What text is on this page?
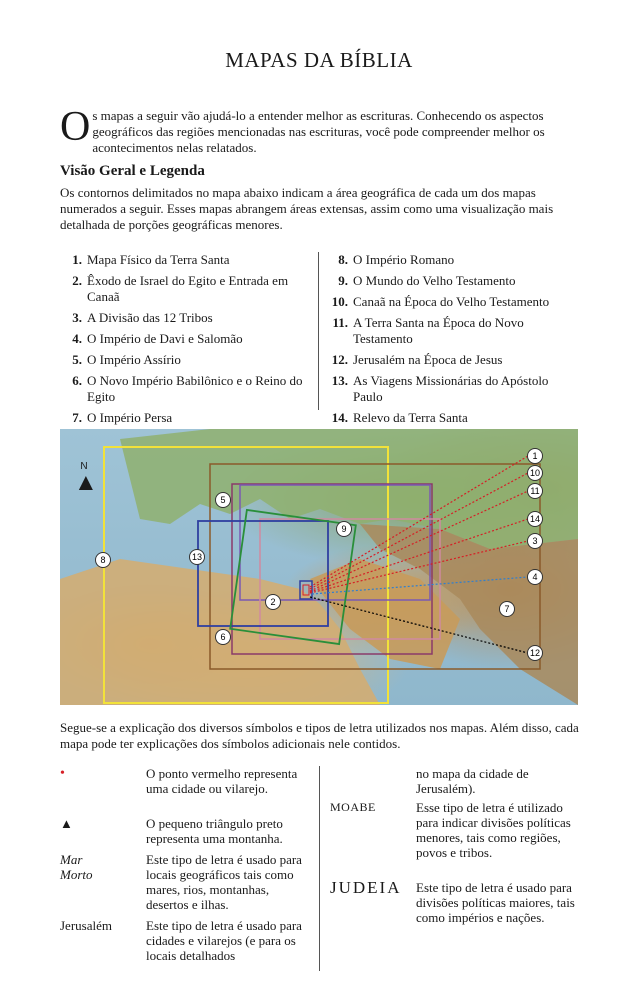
MAPAS DA BÍBLIA
Os mapas a seguir vão ajudá-lo a entender melhor as escrituras. Conhecendo os aspectos geográficos das regiões mencionadas nas escrituras, você pode compreender melhor os acontecimentos nelas relatados.
Visão Geral e Legenda
Os contornos delimitados no mapa abaixo indicam a área geográfica de cada um dos mapas numerados a seguir. Esses mapas abrangem áreas extensas, assim como uma visualização mais detalhada de porções geográficas menores.
1. Mapa Físico da Terra Santa
2. Êxodo de Israel do Egito e Entrada em Canaã
3. A Divisão das 12 Tribos
4. O Império de Davi e Salomão
5. O Império Assírio
6. O Novo Império Babilônico e o Reino do Egito
7. O Império Persa
8. O Império Romano
9. O Mundo do Velho Testamento
10. Canaã na Época do Velho Testamento
11. A Terra Santa na Época do Novo Testamento
12. Jerusalém na Época de Jesus
13. As Viagens Missionárias do Apóstolo Paulo
14. Relevo da Terra Santa
1
10
11
14
3
4
7
12
5
9
13
8
2
6
N
▲
Segue-se a explicação dos diversos símbolos e tipos de letra utilizados nos mapas. Além disso, cada mapa pode ter explicações dos símbolos adicionais nele contidos.
•	O ponto vermelho representa uma cidade ou vilarejo.
▲	O pequeno triângulo preto representa uma montanha.
Mar Morto
Este tipo de letra é usado para locais geográficos tais como mares, rios, montanhas, desertos e ilhas.
Jerusalém	Este tipo de letra é usado para cidades e vilarejos (e para os locais detalhados
no mapa da cidade de Jerusalém).
MOABE	Esse tipo de letra é utilizado para indicar divisões políticas menores, tais como regiões, povos e tribos.
JUDEIA Este tipo de letra é usado para divisões políticas maiores, tais como impérios e nações.
